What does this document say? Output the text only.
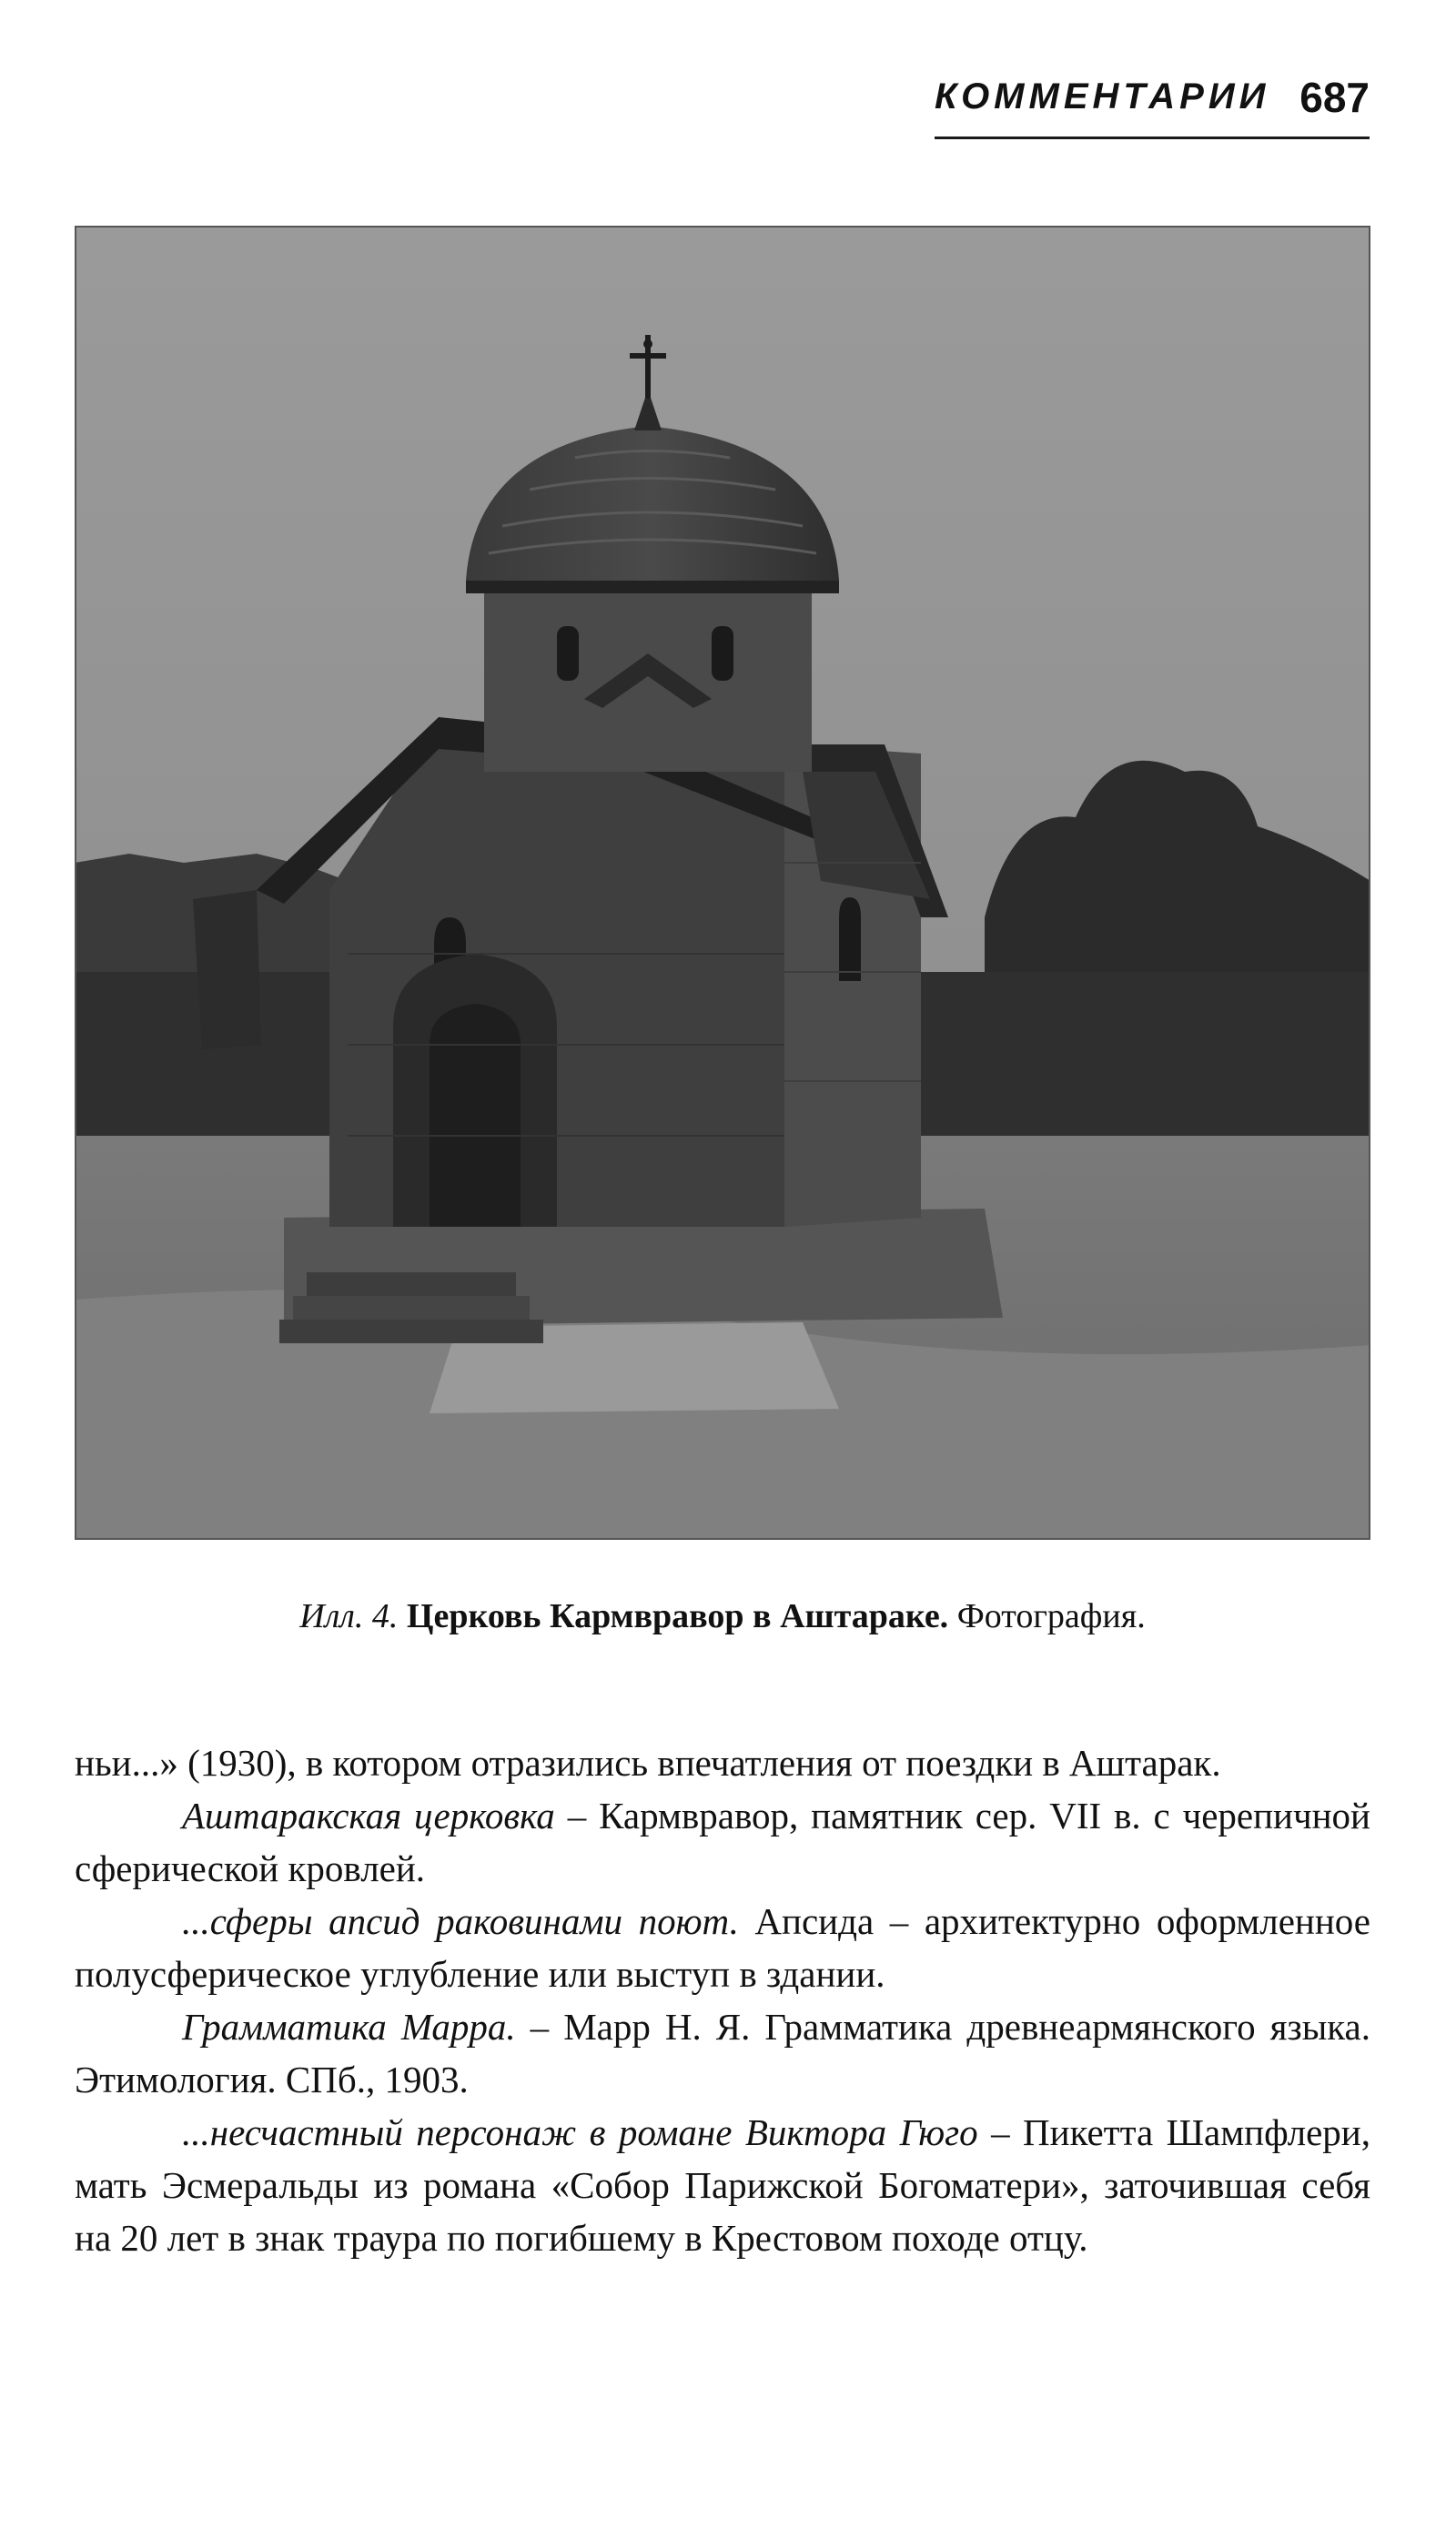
КОММЕНТАРИИ 687
Илл. 4. Церковь Кармвравор в Аштараке. Фотография.

ньи...» (1930), в котором отразились впечатления от поездки в Аштарак.

Аштаракская церковка – Кармвравор, памятник сер. VII в. с черепичной сферической кровлей.

...сферы апсид раковинами поют. Апсида – архитектурно оформленное полусферическое углубление или выступ в здании.

Грамматика Марра. – Марр Н. Я. Грамматика древнеармянского языка. Этимология. СПб., 1903.

...несчастный персонаж в романе Виктора Гюго – Пикетта Шампфлери, мать Эсмеральды из романа «Собор Парижской Богоматери», заточившая себя на 20 лет в знак траура по погибшему в Крестовом походе отцу.
